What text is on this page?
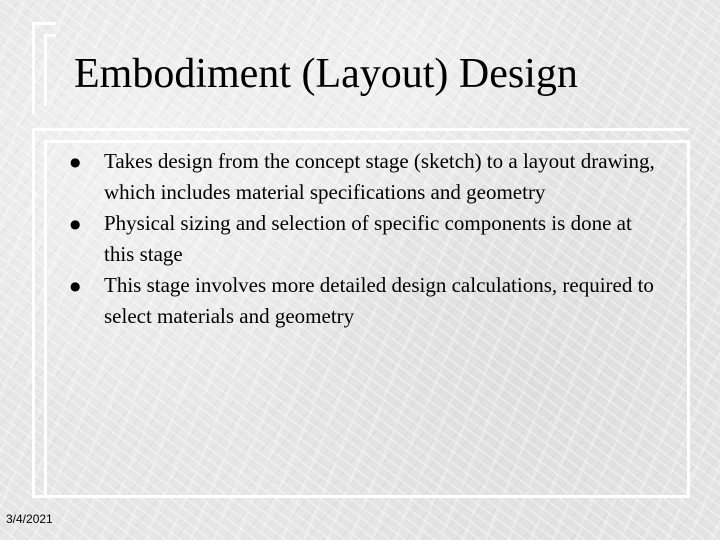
Embodiment (Layout) Design
● Takes design from the concept stage (sketch) to a layout drawing, which includes material specifications and geometry
● Physical sizing and selection of specific components is done at this stage
● This stage involves more detailed design calculations, required to select materials and geometry
3/4/2021
